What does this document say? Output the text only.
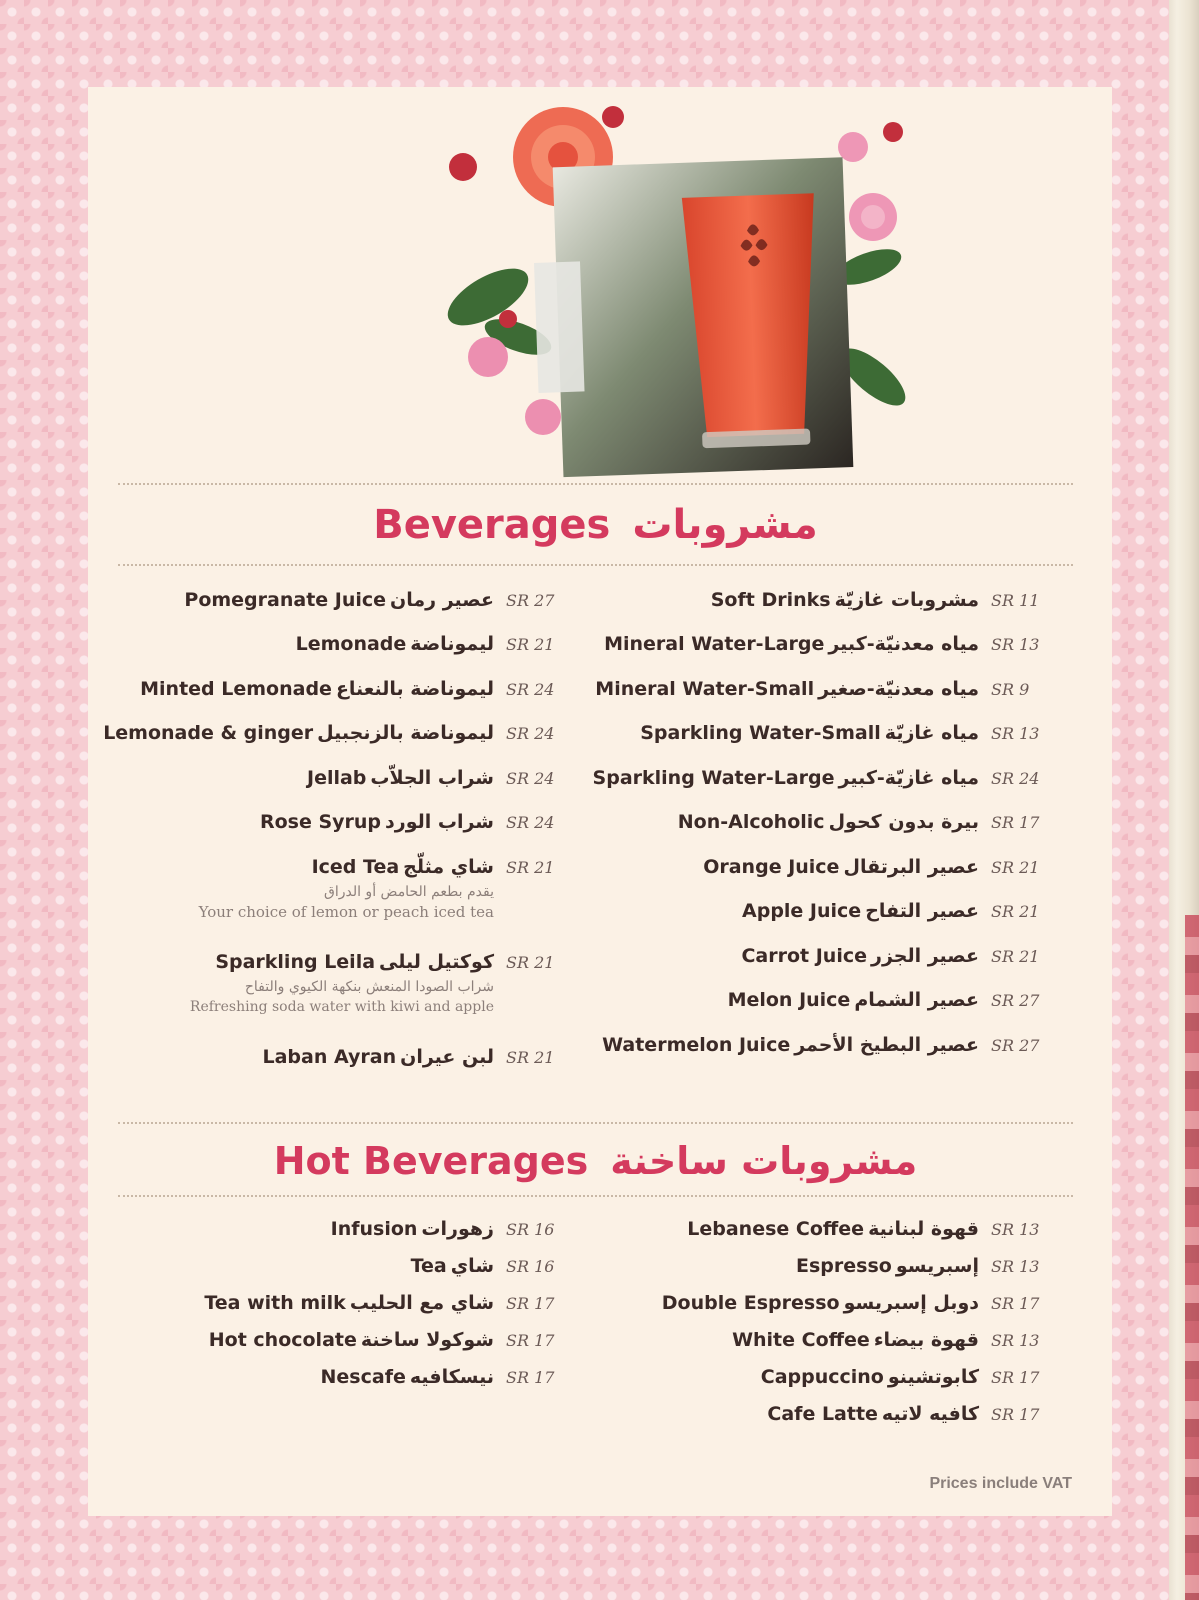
Beverages مشروبات
Pomegranate Juice عصير رمان SR 27
Lemonade ليموناضة SR 21
Minted Lemonade ليموناضة بالنعناع SR 24
Lemonade & ginger ليموناضة بالزنجبيل SR 24
Jellab شراب الجلاّب SR 24
Rose Syrup شراب الورد SR 24
Iced Tea شاي مثلّج SR 21
يقدم بطعم الحامض أو الدراق
Your choice of lemon or peach iced tea
Sparkling Leila كوكتيل ليلى SR 21
شراب الصودا المنعش بنكهة الكيوي والتفاح
Refreshing soda water with kiwi and apple
Laban Ayran لبن عيران SR 21
Soft Drinks مشروبات غازيّة SR 11
Mineral Water-Large مياه معدنيّة-كبير SR 13
Mineral Water-Small مياه معدنيّة-صغير SR 9
Sparkling Water-Small مياه غازيّة SR 13
Sparkling Water-Large مياه غازيّة-كبير SR 24
Non-Alcoholic بيرة بدون كحول SR 17
Orange Juice عصير البرتقال SR 21
Apple Juice عصير التفاح SR 21
Carrot Juice عصير الجزر SR 21
Melon Juice عصير الشمام SR 27
Watermelon Juice عصير البطيخ الأحمر SR 27
Hot Beverages مشروبات ساخنة
Infusion زهورات SR 16
Tea شاي SR 16
Tea with milk شاي مع الحليب SR 17
Hot chocolate شوكولا ساخنة SR 17
Nescafe نيسكافيه SR 17
Lebanese Coffee قهوة لبنانية SR 13
Espresso إسبريسو SR 13
Double Espresso دوبل إسبريسو SR 17
White Coffee قهوة بيضاء SR 13
Cappuccino كابوتشينو SR 17
Cafe Latte كافيه لاتيه SR 17
Prices include VAT
